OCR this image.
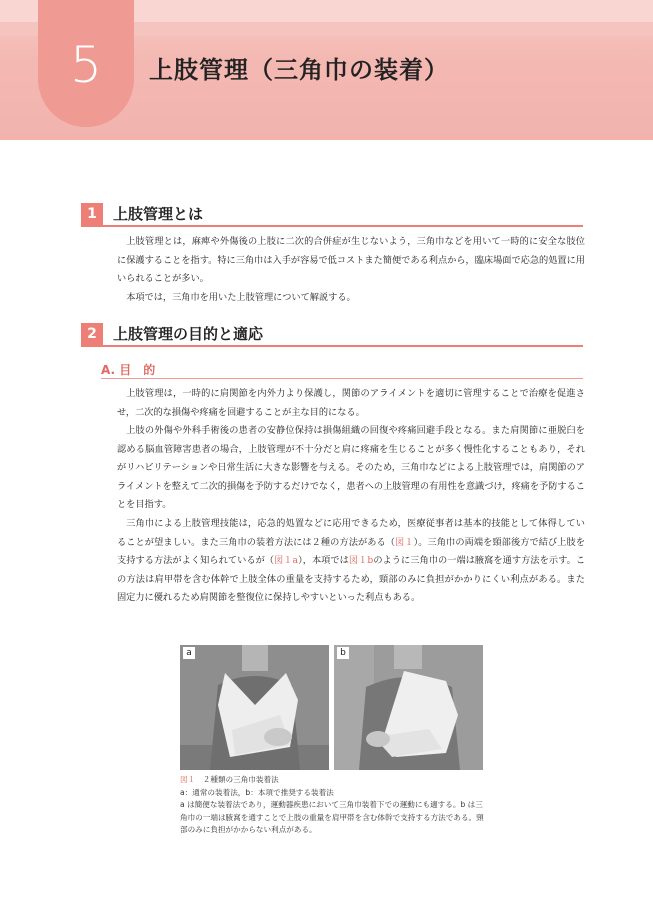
5	上肢管理（三角巾の装着）
1	上肢管理とは

上肢管理とは，麻痺や外傷後の上肢に二次的合併症が生じないよう，三角巾などを用いて一時的に安全な肢位に保護することを指す。特に三角巾は入手が容易で低コストまた簡便である利点から，臨床場面で応急的処置に用いられることが多い。

本項では，三角巾を用いた上肢管理について解説する。

2	上肢管理の目的と適応
A. 目　的

上肢管理は，一時的に肩関節を内外力より保護し，関節のアライメントを適切に管理することで治療を促進させ，二次的な損傷や疼痛を回避することが主な目的になる。

上肢の外傷や外科手術後の患者の安静位保持は損傷組織の回復や疼痛回避手段となる。また肩関節に亜脱臼を認める脳血管障害患者の場合，上肢管理が不十分だと肩に疼痛を生じることが多く慢性化することもあり，それがリハビリテーションや日常生活に大きな影響を与える。そのため，三角巾などによる上肢管理では，肩関節のアライメントを整えて二次的損傷を予防するだけでなく，患者への上肢管理の有用性を意識づけ，疼痛を予防することを目指す。

三角巾による上肢管理技能は，応急的処置などに応用できるため，医療従事者は基本的技能として体得していることが望ましい。また三角巾の装着方法には２種の方法がある（図１）。三角巾の両端を頸部後方で結び上肢を支持する方法がよく知られているが（図１a），本項では図１bのように三角巾の一端は腋窩を通す方法を示す。この方法は肩甲帯を含む体幹で上肢全体の重量を支持するため，頸部のみに負担がかかりにくい利点がある。また固定力に優れるため肩関節を整復位に保持しやすいといった利点もある。

a	b

図１　 ２種類の三角巾装着法

a：通常の装着法，b：本項で推奨する装着法

a は簡便な装着法であり，運動器疾患において三角巾装着下での運動にも適する。b は三角巾の一端は腋窩を通すことで上肢の重量を肩甲帯を含む体幹で支持する方法である。頸部のみに負担がかからない利点がある。
